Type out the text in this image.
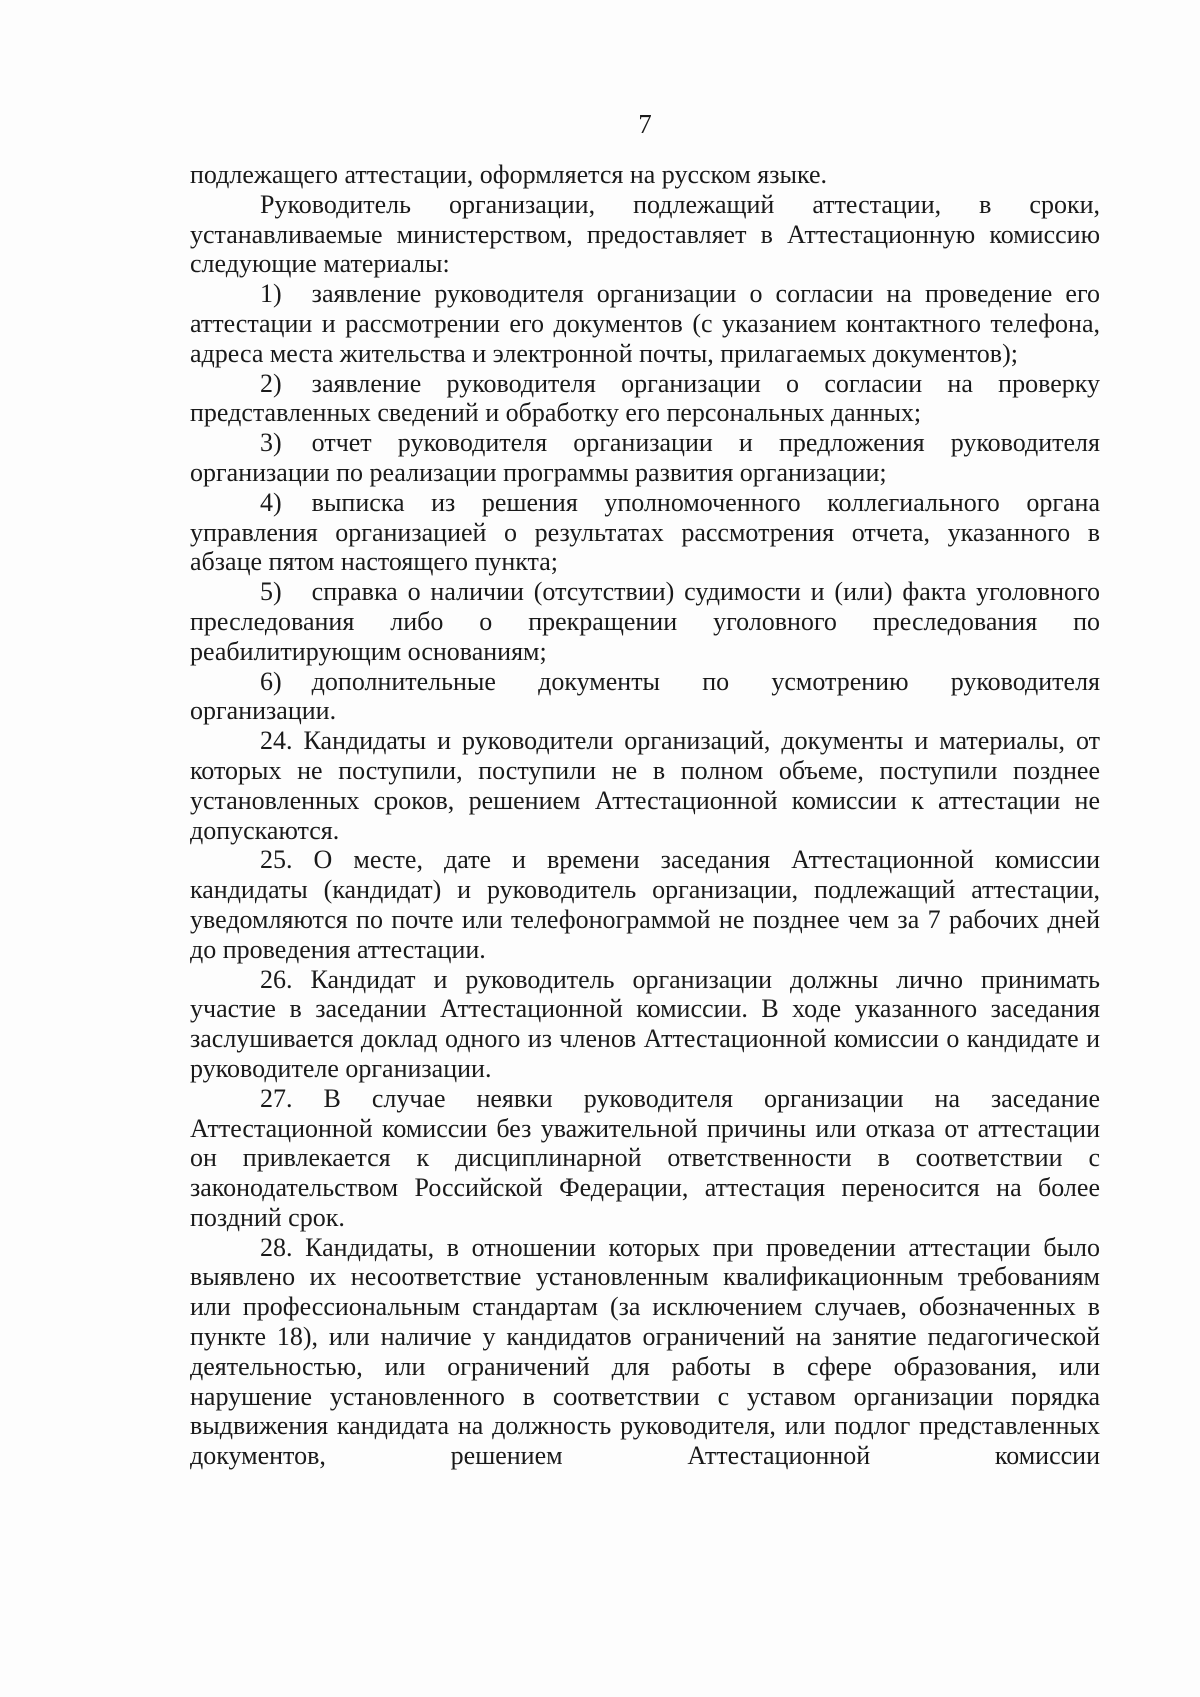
7

подлежащего аттестации, оформляется на русском языке.

Руководитель организации, подлежащий аттестации, в сроки, устанавливаемые министерством, предоставляет в Аттестационную комиссию следующие материалы:

1) заявление руководителя организации о согласии на проведение его аттестации и рассмотрении его документов (с указанием контактного телефона, адреса места жительства и электронной почты, прилагаемых документов);

2) заявление руководителя организации о согласии на проверку представленных сведений и обработку его персональных данных;

3) отчет руководителя организации и предложения руководителя организации по реализации программы развития организации;

4) выписка из решения уполномоченного коллегиального органа управления организацией о результатах рассмотрения отчета, указанного в абзаце пятом настоящего пункта;

5) справка о наличии (отсутствии) судимости и (или) факта уголовного преследования либо о прекращении уголовного преследования по реабилитирующим основаниям;

6) дополнительные документы по усмотрению руководителя организации.

24. Кандидаты и руководители организаций, документы и материалы, от которых не поступили, поступили не в полном объеме, поступили позднее установленных сроков, решением Аттестационной комиссии к аттестации не допускаются.

25. О месте, дате и времени заседания Аттестационной комиссии кандидаты (кандидат) и руководитель организации, подлежащий аттестации, уведомляются по почте или телефонограммой не позднее чем за 7 рабочих дней до проведения аттестации.

26. Кандидат и руководитель организации должны лично принимать участие в заседании Аттестационной комиссии. В ходе указанного заседания заслушивается доклад одного из членов Аттестационной комиссии о кандидате и руководителе организации.

27. В случае неявки руководителя организации на заседание Аттестационной комиссии без уважительной причины или отказа от аттестации он привлекается к дисциплинарной ответственности в соответствии с законодательством Российской Федерации, аттестация переносится на более поздний срок.

28. Кандидаты, в отношении которых при проведении аттестации было выявлено их несоответствие установленным квалификационным требованиям или профессиональным стандартам (за исключением случаев, обозначенных в пункте 18), или наличие у кандидатов ограничений на занятие педагогической деятельностью, или ограничений для работы в сфере образования, или нарушение установленного в соответствии с уставом организации порядка выдвижения кандидата на должность руководителя, или подлог представленных документов, решением Аттестационной комиссии
